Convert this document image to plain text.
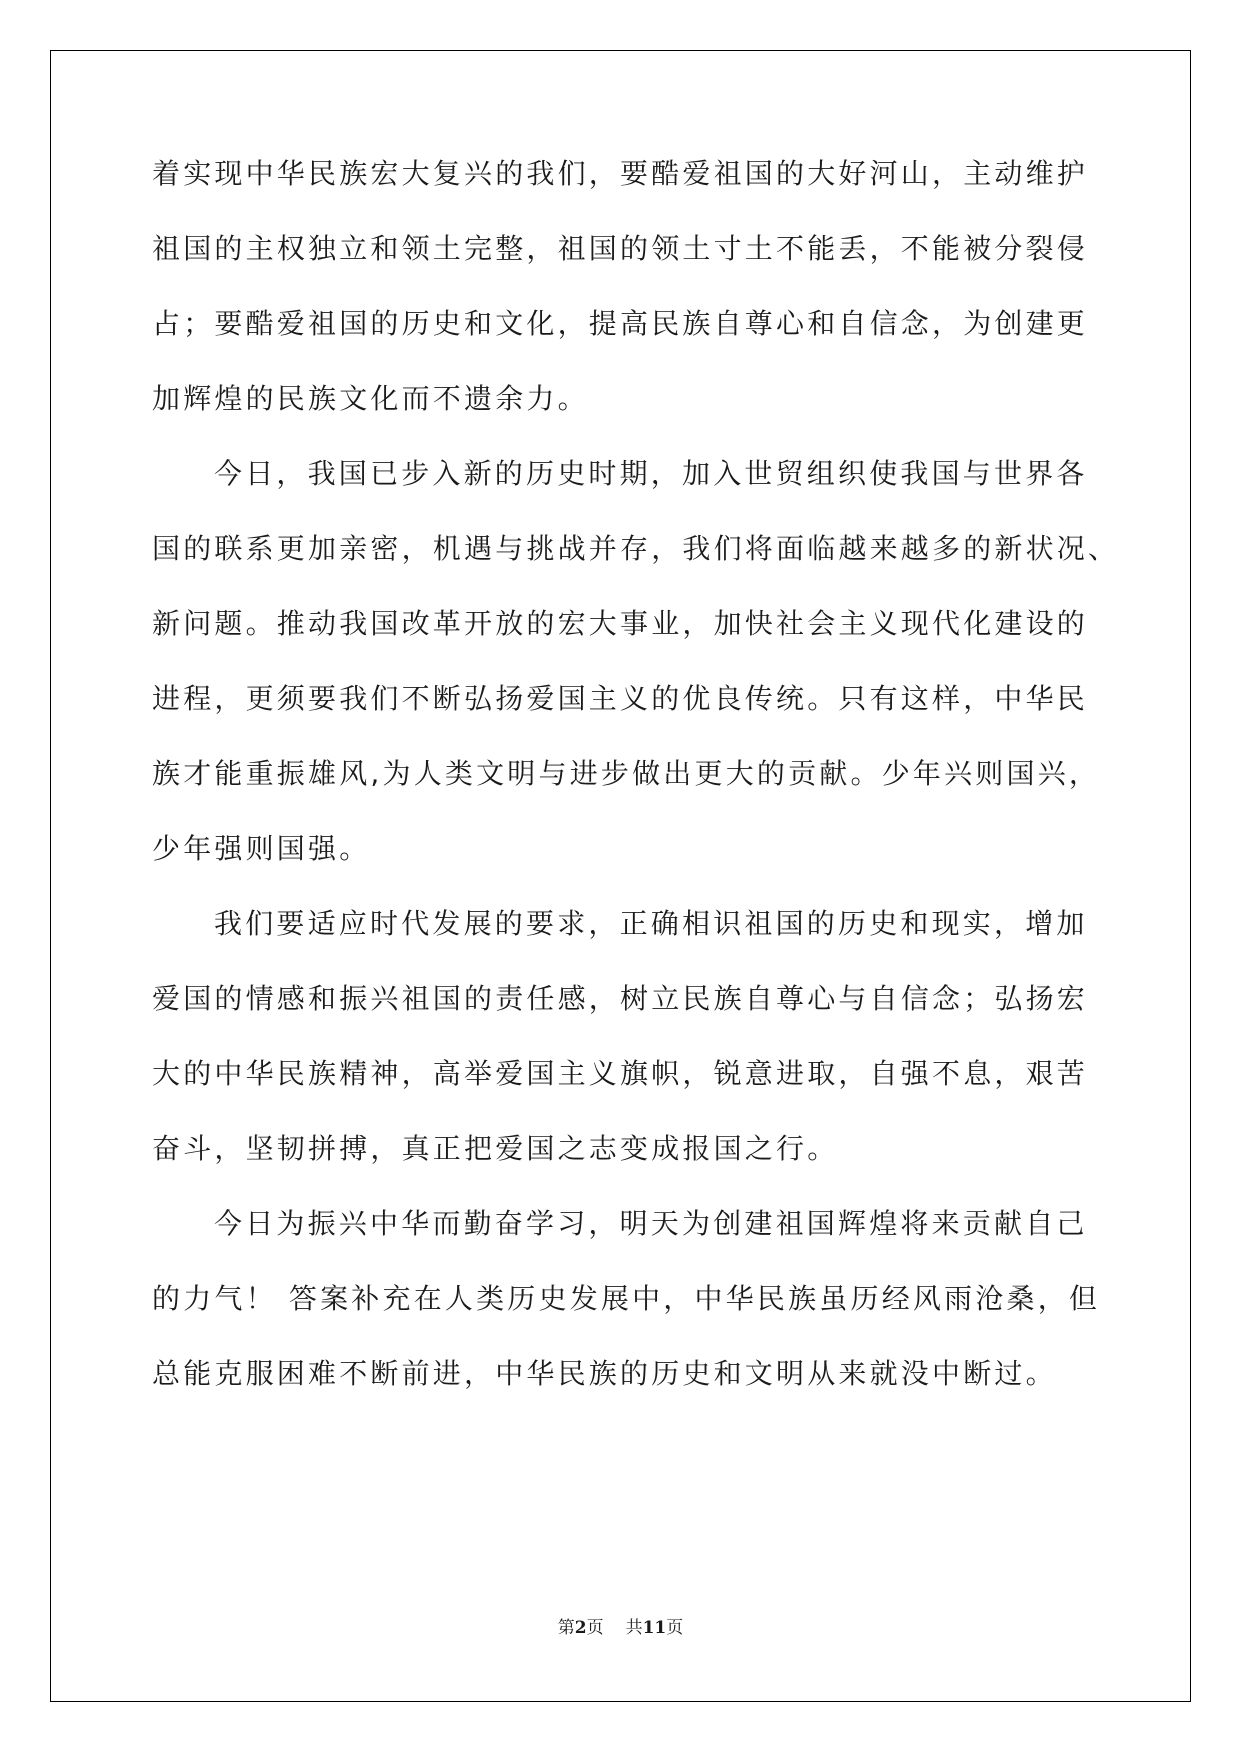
着实现中华民族宏大复兴的我们，要酷爱祖国的大好河山，主动维护

祖国的主权独立和领土完整，祖国的领土寸土不能丢，不能被分裂侵

占；要酷爱祖国的历史和文化，提高民族自尊心和自信念，为创建更

加辉煌的民族文化而不遗余力。

今日，我国已步入新的历史时期，加入世贸组织使我国与世界各

国的联系更加亲密，机遇与挑战并存，我们将面临越来越多的新状况、

新问题。推动我国改革开放的宏大事业，加快社会主义现代化建设的

进程，更须要我们不断弘扬爱国主义的优良传统。只有这样，中华民

族才能重振雄风,为人类文明与进步做出更大的贡献。少年兴则国兴，

少年强则国强。

我们要适应时代发展的要求，正确相识祖国的历史和现实，增加

爱国的情感和振兴祖国的责任感，树立民族自尊心与自信念；弘扬宏

大的中华民族精神，高举爱国主义旗帜，锐意进取，自强不息，艰苦

奋斗，坚韧拼搏，真正把爱国之志变成报国之行。

今日为振兴中华而勤奋学习，明天为创建祖国辉煌将来贡献自己

的力气！ 答案补充在人类历史发展中，中华民族虽历经风雨沧桑，但

总能克服困难不断前进，中华民族的历史和文明从来就没中断过。

第2页 共11页
